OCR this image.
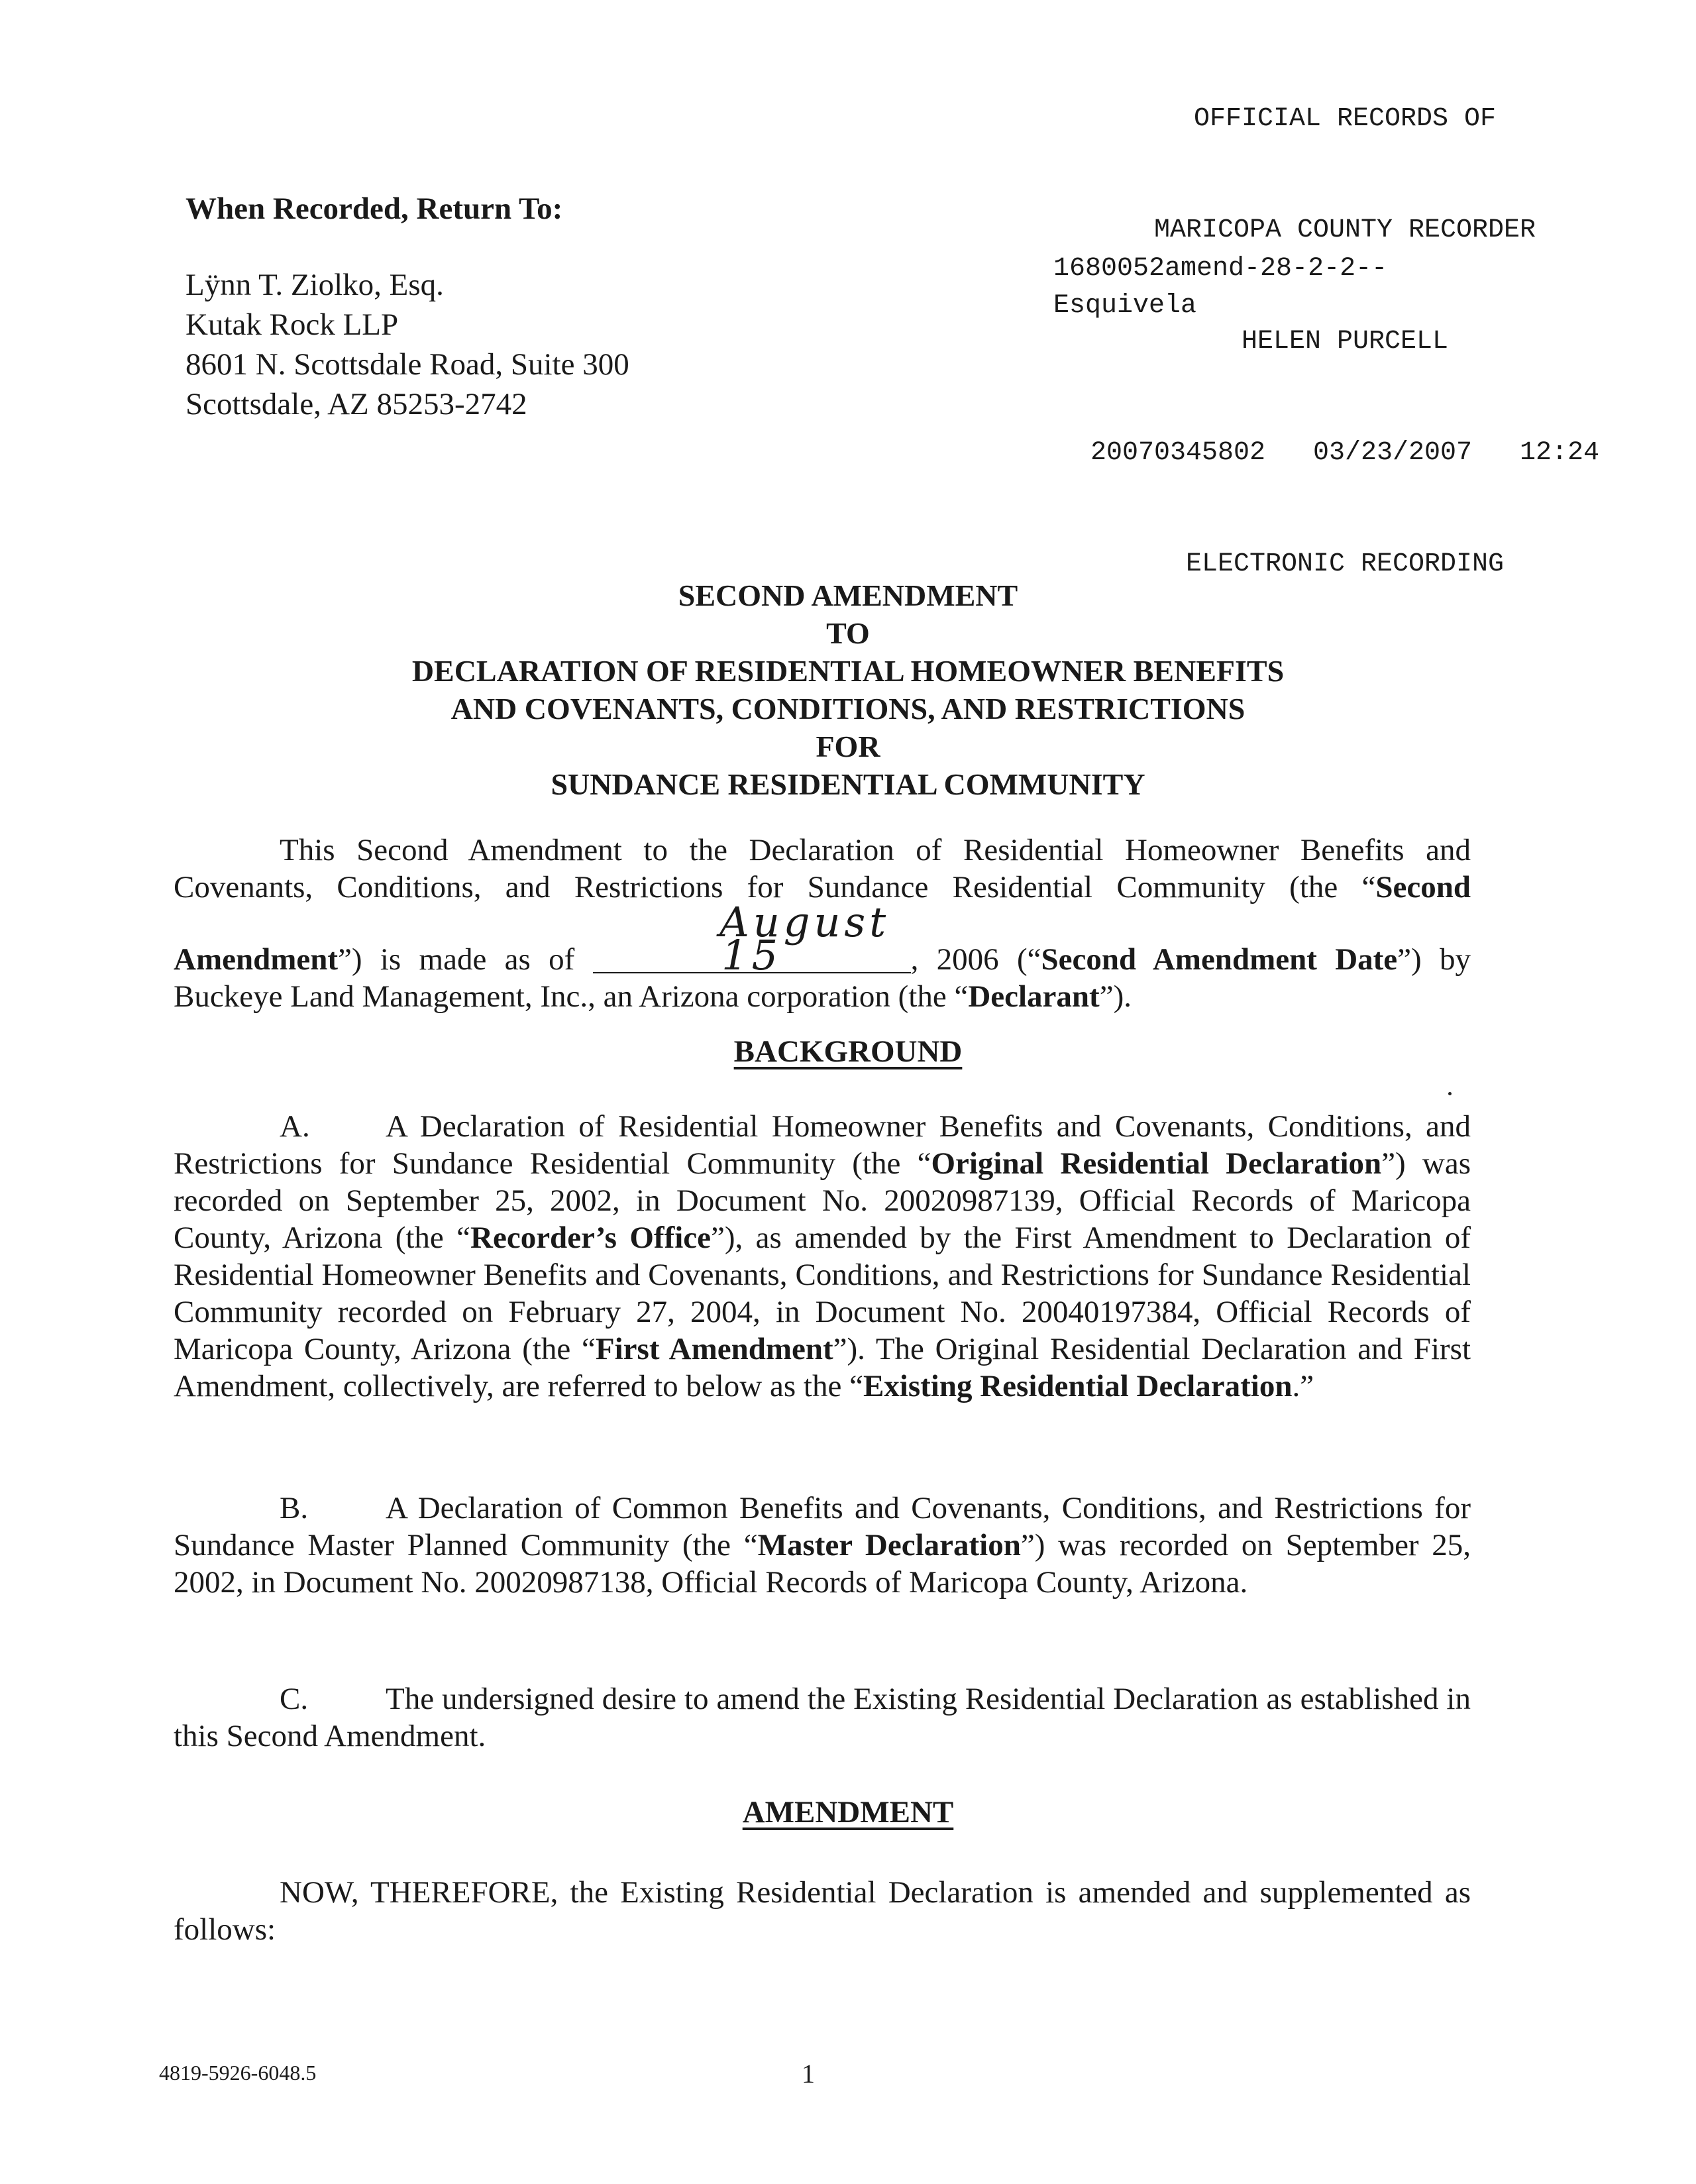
OFFICIAL RECORDS OF

MARICOPA COUNTY RECORDER

HELEN PURCELL

20070345802   03/23/2007   12:24

ELECTRONIC RECORDING

1680052amend-28-2-2--
Esquivela
When Recorded, Return To:
Lÿnn T. Ziolko, Esq.
Kutak Rock LLP
8601 N. Scottsdale Road, Suite 300
Scottsdale, AZ 85253-2742
SECOND AMENDMENT
TO
DECLARATION OF RESIDENTIAL HOMEOWNER BENEFITS
AND COVENANTS, CONDITIONS, AND RESTRICTIONS
FOR
SUNDANCE RESIDENTIAL COMMUNITY

This Second Amendment to the Declaration of Residential Homeowner Benefits and Covenants, Conditions, and Restrictions for Sundance Residential Community (the “Second Amendment”) is made as of August 15	, 2006 (“Second Amendment Date”) by Buckeye Land Management, Inc., an Arizona corporation (the “Declarant”).

BACKGROUND

A. A Declaration of Residential Homeowner Benefits and Covenants, Conditions, and Restrictions for Sundance Residential Community (the “Original Residential Declaration”) was recorded on September 25, 2002, in Document No. 20020987139, Official Records of Maricopa County, Arizona (the “Recorder’s Office”), as amended by the First Amendment to Declaration of Residential Homeowner Benefits and Covenants, Conditions, and Restrictions for Sundance Residential Community recorded on February 27, 2004, in Document No. 20040197384, Official Records of Maricopa County, Arizona (the “First Amendment”). The Original Residential Declaration and First Amendment, collectively, are referred to below as the “Existing Residential Declaration.”

B. A Declaration of Common Benefits and Covenants, Conditions, and Restrictions for Sundance Master Planned Community (the “Master Declaration”) was recorded on September 25, 2002, in Document No. 20020987138, Official Records of Maricopa County, Arizona.

C. The undersigned desire to amend the Existing Residential Declaration as established in this Second Amendment.

AMENDMENT

NOW, THEREFORE, the Existing Residential Declaration is amended and supplemented as follows:

4819-5926-6048.5	1
